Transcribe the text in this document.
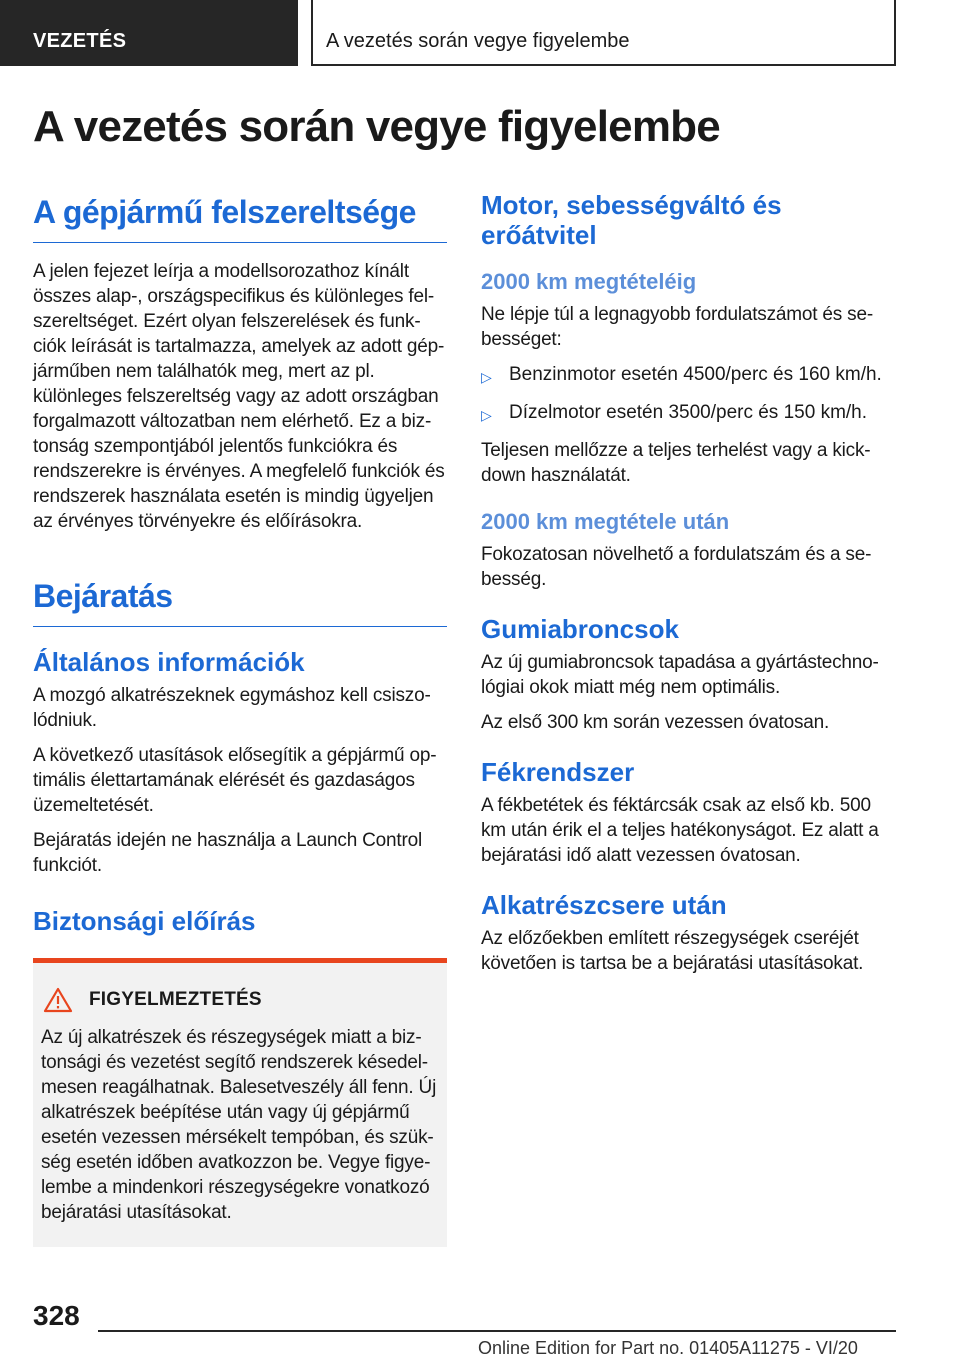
VEZETÉS	A vezetés során vegye figyelembe
A vezetés során vegye figyelembe
A gépjármű felszereltsége
A jelen fejezet leírja a modellsorozathoz kínált összes alap-, országspecifikus és különleges felszereltséget. Ezért olyan felszerelések és funkciók leírását is tartalmazza, amelyek az adott gépjárműben nem találhatók meg, mert az pl. különleges felszereltség vagy az adott országban forgalmazott változatban nem elérhető. Ez a biztonság szempontjából jelentős funkciókra és rendszerekre is érvényes. A megfelelő funkciók és rendszerek használata esetén is mindig ügyeljen az érvényes törvényekre és előírásokra.
Bejáratás
Általános információk
A mozgó alkatrészeknek egymáshoz kell csiszolódniuk.
A következő utasítások elősegítik a gépjármű optimális élettartamának elérését és gazdaságos üzemeltetését.
Bejáratás idején ne használja a Launch Control funkciót.
Biztonsági előírás
FIGYELMEZTETÉS
Az új alkatrészek és részegységek miatt a biztonsági és vezetést segítő rendszerek késedelmesen reagálhatnak. Balesetveszély áll fenn. Új alkatrészek beépítése után vagy új gépjármű esetén vezessen mérsékelt tempóban, és szükség esetén időben avatkozzon be. Vegye figyelembe a mindenkori részegységekre vonatkozó bejáratási utasításokat.
Motor, sebességváltó és erőátvitel
2000 km megtételéig
Ne lépje túl a legnagyobb fordulatszámot és sebességet:
▷ Benzinmotor esetén 4500/perc és 160 km/h.
▷ Dízelmotor esetén 3500/perc és 150 km/h.
Teljesen mellőzze a teljes terhelést vagy a kickdown használatát.
2000 km megtétele után
Fokozatosan növelhető a fordulatszám és a sebesség.
Gumiabroncsok
Az új gumiabroncsok tapadása a gyártástechnológiai okok miatt még nem optimális.
Az első 300 km során vezessen óvatosan.
Fékrendszer
A fékbetétek és féktárcsák csak az első kb. 500 km után érik el a teljes hatékonyságot. Ez alatt a bejáratási idő alatt vezessen óvatosan.
Alkatrészcsere után
Az előzőekben említett részegységek cseréjét követően is tartsa be a bejáratási utasításokat.
328
Online Edition for Part no. 01405A11275 - VI/20
